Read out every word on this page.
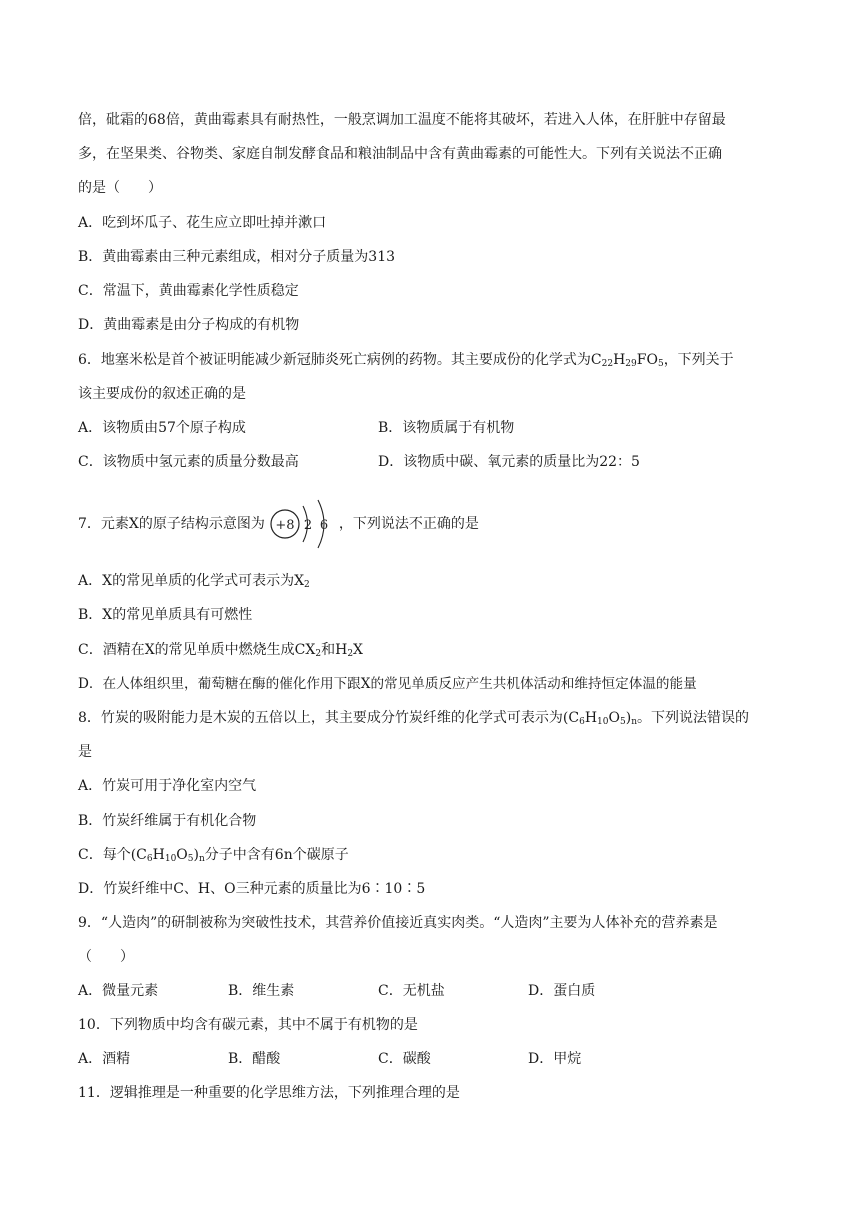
倍，砒霜的68倍，黄曲霉素具有耐热性，一般烹调加工温度不能将其破坏，若进入人体，在肝脏中存留最
多，在坚果类、谷物类、家庭自制发酵食品和粮油制品中含有黄曲霉素的可能性大。下列有关说法不正确
的是（　　）
A．吃到坏瓜子、花生应立即吐掉并漱口
B．黄曲霉素由三种元素组成，相对分子质量为313
C．常温下，黄曲霉素化学性质稳定
D．黄曲霉素是由分子构成的有机物
6．地塞米松是首个被证明能减少新冠肺炎死亡病例的药物。其主要成份的化学式为$C_{22}H_{29}FO_5$，下列关于
该主要成份的叙述正确的是
A．该物质由57个原子构成	B．该物质属于有机物
C．该物质中氢元素的质量分数最高	D．该物质中碳、氧元素的质量比为22：5
7．元素X的原子结构示意图为 +8 2 6 ，下列说法不正确的是
A．X的常见单质的化学式可表示为$X_2$
B．X的常见单质具有可燃性
C．酒精在X的常见单质中燃烧生成$CX_2$和$H_2X$
D．在人体组织里，葡萄糖在酶的催化作用下跟X的常见单质反应产生共机体活动和维持恒定体温的能量
8．竹炭的吸附能力是木炭的五倍以上，其主要成分竹炭纤维的化学式可表示为$(C_6H_{10}O_5)_n$。下列说法错误的
是
A．竹炭可用于净化室内空气
B．竹炭纤维属于有机化合物
C．每个$(C_6H_{10}O_5)_n$分子中含有6n个碳原子
D．竹炭纤维中C、H、O三种元素的质量比为6∶10∶5
9．“人造肉”的研制被称为突破性技术，其营养价值接近真实肉类。“人造肉”主要为人体补充的营养素是
（　　）
A．微量元素	B．维生素	C．无机盐	D．蛋白质
10．下列物质中均含有碳元素，其中不属于有机物的是
A．酒精	B．醋酸	C．碳酸	D．甲烷
11．逻辑推理是一种重要的化学思维方法，下列推理合理的是
